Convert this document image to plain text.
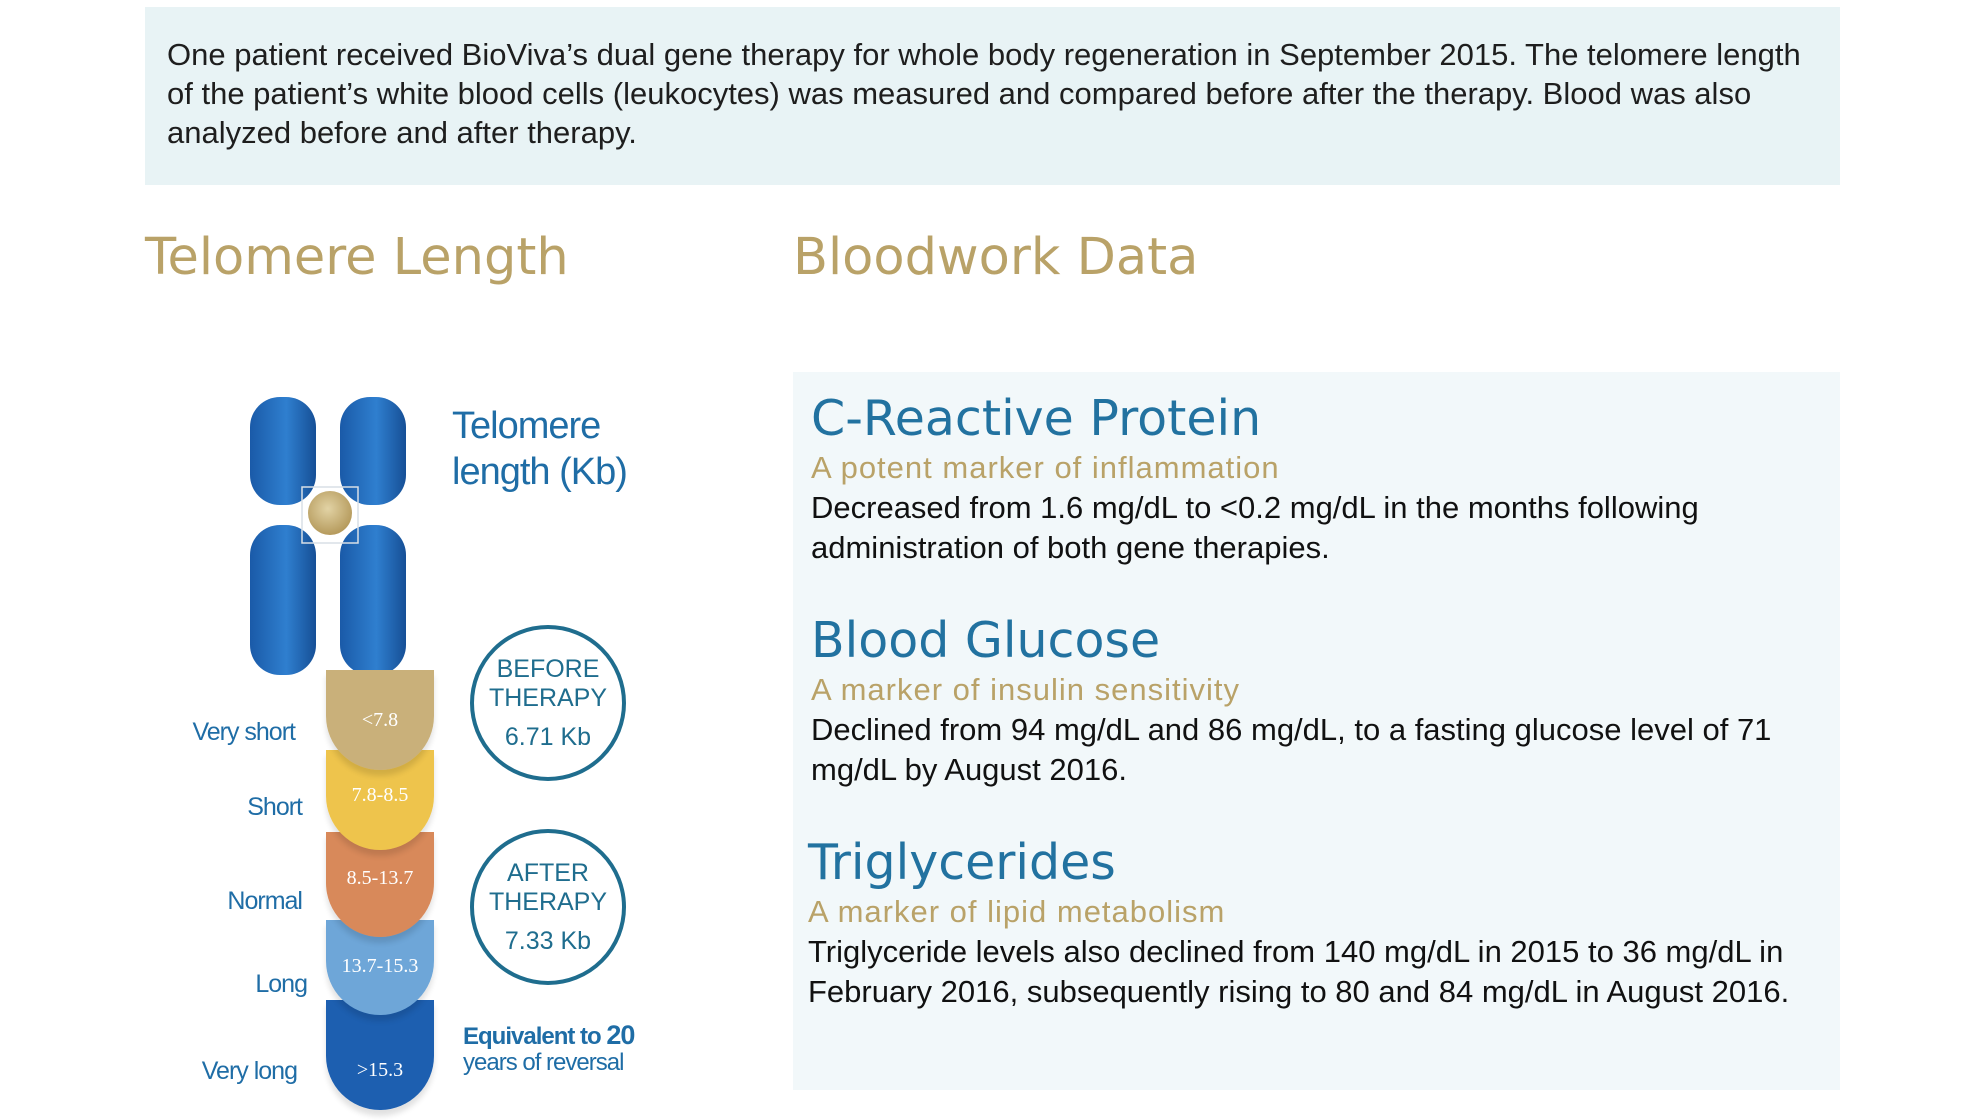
One patient received BioViva’s dual gene therapy for whole body regeneration in September 2015. The telomere length of the patient’s white blood cells (leukocytes) was measured and compared before after the therapy. Blood was also analyzed before and after therapy.

Telomere Length	Bloodwork Data
Telomere
length (Kb)
>15.3
13.7-15.3
8.5-13.7
7.8-8.5
<7.8
Very short
Short
Normal
Long
Very long
BEFORE
THERAPY
6.71 Kb
AFTER
THERAPY
7.33 Kb
Equivalent to 20
years of reversal
C-Reactive Protein
A potent marker of inflammation
Decreased from 1.6 mg/dL to <0.2 mg/dL in the months following administration of both gene therapies.
Blood Glucose
A marker of insulin sensitivity
Declined from 94 mg/dL and 86 mg/dL, to a fasting glucose level of 71 mg/dL by August 2016.
Triglycerides
A marker of lipid metabolism
Triglyceride levels also declined from 140 mg/dL in 2015 to 36 mg/dL in February 2016, subsequently rising to 80 and 84 mg/dL in August 2016.
